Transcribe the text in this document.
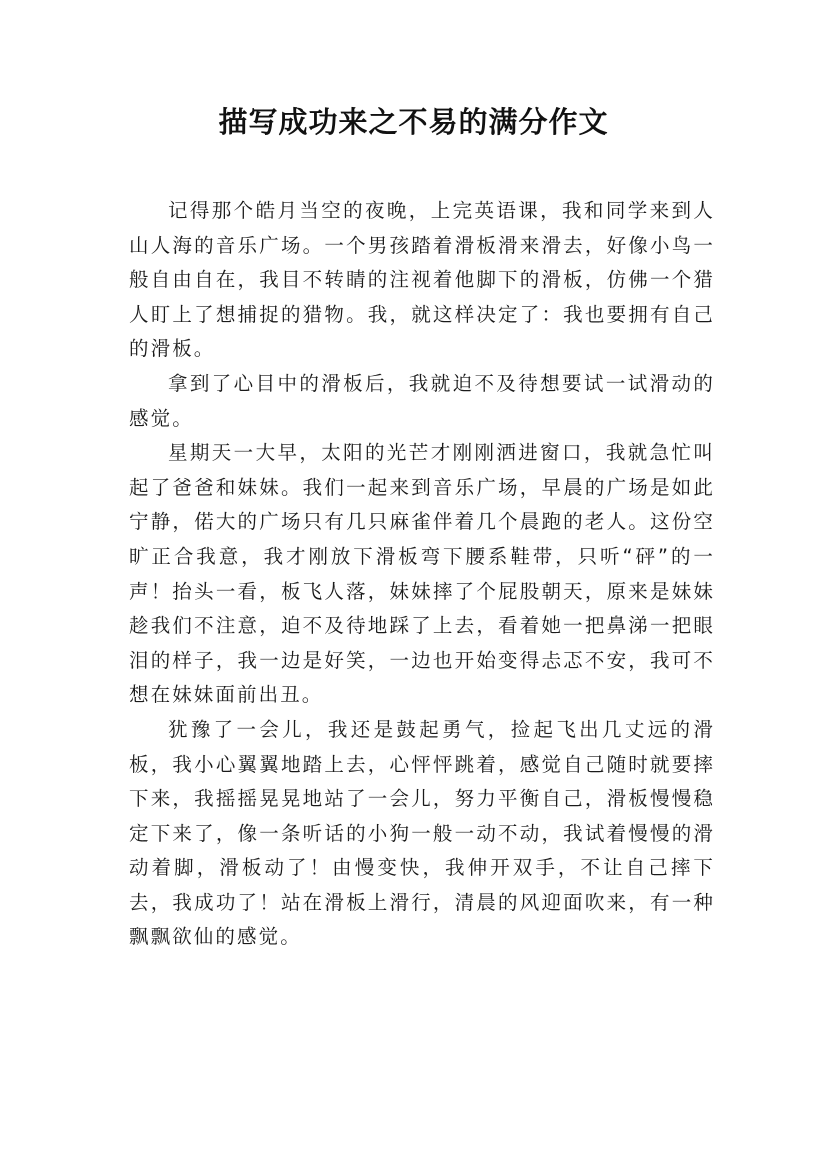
描写成功来之不易的满分作文

记得那个皓月当空的夜晚，上完英语课，我和同学来到人山人海的音乐广场。一个男孩踏着滑板滑来滑去，好像小鸟一般自由自在，我目不转睛的注视着他脚下的滑板，仿佛一个猎人盯上了想捕捉的猎物。我，就这样决定了：我也要拥有自己的滑板。

拿到了心目中的滑板后，我就迫不及待想要试一试滑动的感觉。

星期天一大早，太阳的光芒才刚刚洒进窗口，我就急忙叫起了爸爸和妹妹。我们一起来到音乐广场，早晨的广场是如此宁静，偌大的广场只有几只麻雀伴着几个晨跑的老人。这份空旷正合我意，我才刚放下滑板弯下腰系鞋带，只听“砰”的一声！抬头一看，板飞人落，妹妹摔了个屁股朝天，原来是妹妹趁我们不注意，迫不及待地踩了上去，看着她一把鼻涕一把眼泪的样子，我一边是好笑，一边也开始变得忐忑不安，我可不想在妹妹面前出丑。

犹豫了一会儿，我还是鼓起勇气，捡起飞出几丈远的滑板，我小心翼翼地踏上去，心怦怦跳着，感觉自己随时就要摔下来，我摇摇晃晃地站了一会儿，努力平衡自己，滑板慢慢稳定下来了，像一条听话的小狗一般一动不动，我试着慢慢的滑动着脚，滑板动了！由慢变快，我伸开双手，不让自己摔下去，我成功了！站在滑板上滑行，清晨的风迎面吹来，有一种飘飘欲仙的感觉。
